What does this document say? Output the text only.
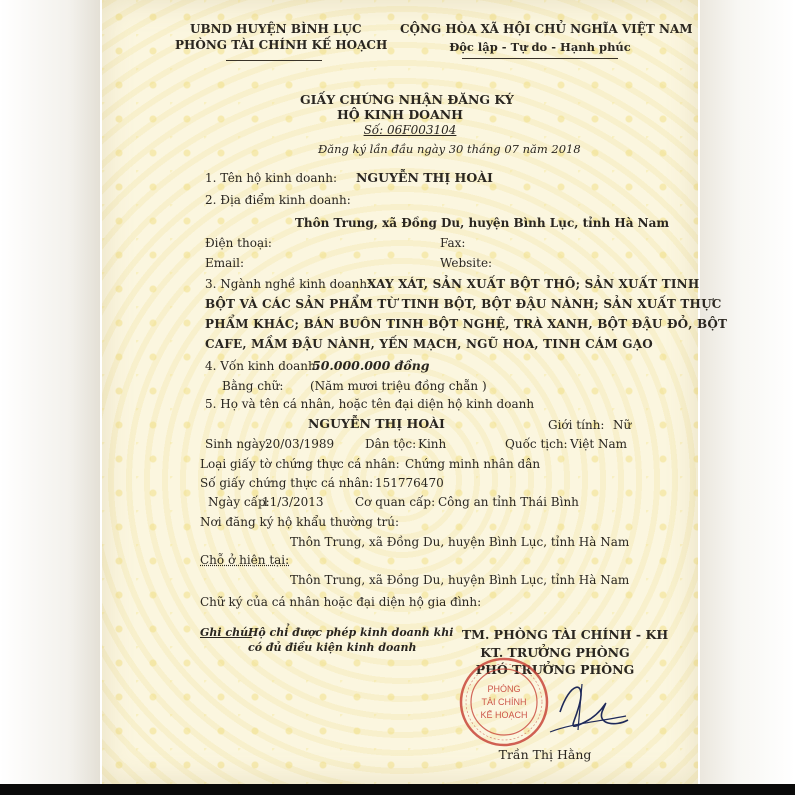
UBND HUYỆN BÌNH LỤC
PHÒNG TÀI CHÍNH KẾ HOẠCH
CỘNG HÒA XÃ HỘI CHỦ NGHĨA VIỆT NAM
Độc lập - Tự do - Hạnh phúc
GIẤY CHỨNG NHẬN ĐĂNG KÝ
HỘ KINH DOANH
Số: 06F003104
Đăng ký lần đầu ngày 30 tháng 07 năm 2018
1. Tên hộ kinh doanh: NGUYỄN THỊ HOÀI
2. Địa điểm kinh doanh:
Thôn Trung, xã Đồng Du, huyện Bình Lục, tỉnh Hà Nam
Điện thoại:	Fax:
Email:	Website:
3. Ngành nghề kinh doanh:
XAY XÁT, SẢN XUẤT BỘT THÔ; SẢN XUẤT TINH
BỘT VÀ CÁC SẢN PHẨM TỪ TINH BỘT, BỘT ĐẬU NÀNH; SẢN XUẤT THỰC
PHẨM KHÁC; BÁN BUÔN TINH BỘT NGHỆ, TRÀ XANH, BỘT ĐẬU ĐỎ, BỘT
CAFE, MẦM ĐẬU NÀNH, YẾN MẠCH, NGŨ HOA, TINH CÁM GẠO
4. Vốn kinh doanh:
50.000.000 đồng
Bằng chữ: (Năm mươi triệu đồng chẵn )
5. Họ và tên cá nhân, hoặc tên đại diện hộ kinh doanh
NGUYỄN THỊ HOÀI	Giới tính: Nữ
Sinh ngày:
20/03/1989	Dân tộc: Kinh	Quốc tịch: Việt Nam
Loại giấy tờ chứng thực cá nhân: Chứng minh nhân dân
Số giấy chứng thực cá nhân: 151776470
Ngày cấp:
11/3/2013	Cơ quan cấp: Công an tỉnh Thái Bình
Nơi đăng ký hộ khẩu thường trú:
Thôn Trung, xã Đồng Du, huyện Bình Lục, tỉnh Hà Nam
Chỗ ở hiện tại:
Thôn Trung, xã Đồng Du, huyện Bình Lục, tỉnh Hà Nam
Chữ ký của cá nhân hoặc đại diện hộ gia đình:
Ghi chú:
Hộ chỉ được phép kinh doanh khi
có đủ điều kiện kinh doanh
TM. PHÒNG TÀI CHÍNH - KH
KT. TRƯỞNG PHÒNG
PHÓ TRƯỞNG PHÒNG
PHÒNG
TÀI CHÍNH
KẾ HOẠCH
Trần Thị Hằng
